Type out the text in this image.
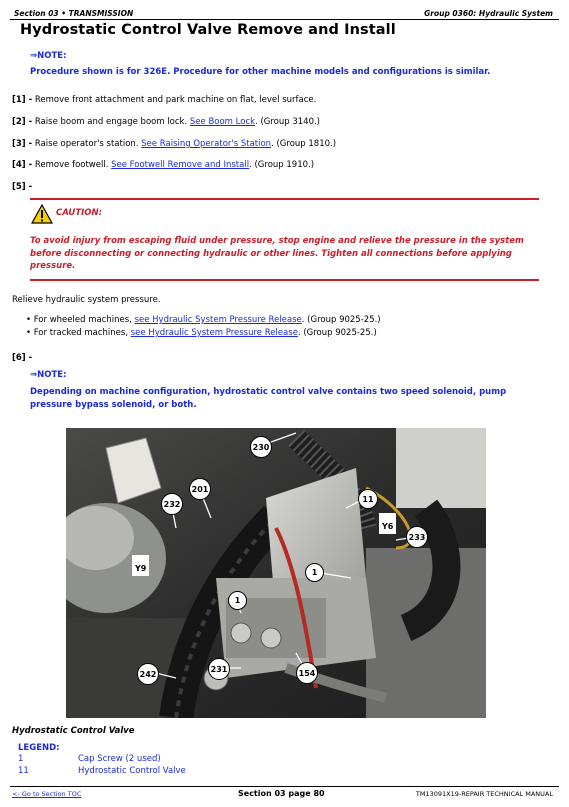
Section 03 • TRANSMISSION	Group 0360: Hydraulic System
Hydrostatic Control Valve Remove and Install
⇒NOTE:
Procedure shown is for 326E. Procedure for other machine models and configurations is similar.
[1] - Remove front attachment and park machine on flat, level surface.
[2] - Raise boom and engage boom lock. See Boom Lock. (Group 3140.)
[3] - Raise operator's station. See Raising Operator's Station. (Group 1810.)
[4] - Remove footwell. See Footwell Remove and Install. (Group 1910.)
[5] -
CAUTION:
To avoid injury from escaping fluid under pressure, stop engine and relieve the pressure in the system before disconnecting or connecting hydraulic or other lines. Tighten all connections before applying pressure.
Relieve hydraulic system pressure.
• For wheeled machines, see Hydraulic System Pressure Release. (Group 9025-25.)
• For tracked machines, see Hydraulic System Pressure Release. (Group 9025-25.)
[6] -
⇒NOTE:
Depending on machine configuration, hydrostatic control valve contains two speed solenoid, pump pressure bypass solenoid, or both.
230
201
232
11
Y6
233
Y9	1
1
242
231	154
Hydrostatic Control Valve
LEGEND:
1	Cap Screw (2 used)
11	Hydrostatic Control Valve
<- Go to Section TOC	Section 03 page 80	TM13091X19-REPAIR TECHNICAL MANUAL
